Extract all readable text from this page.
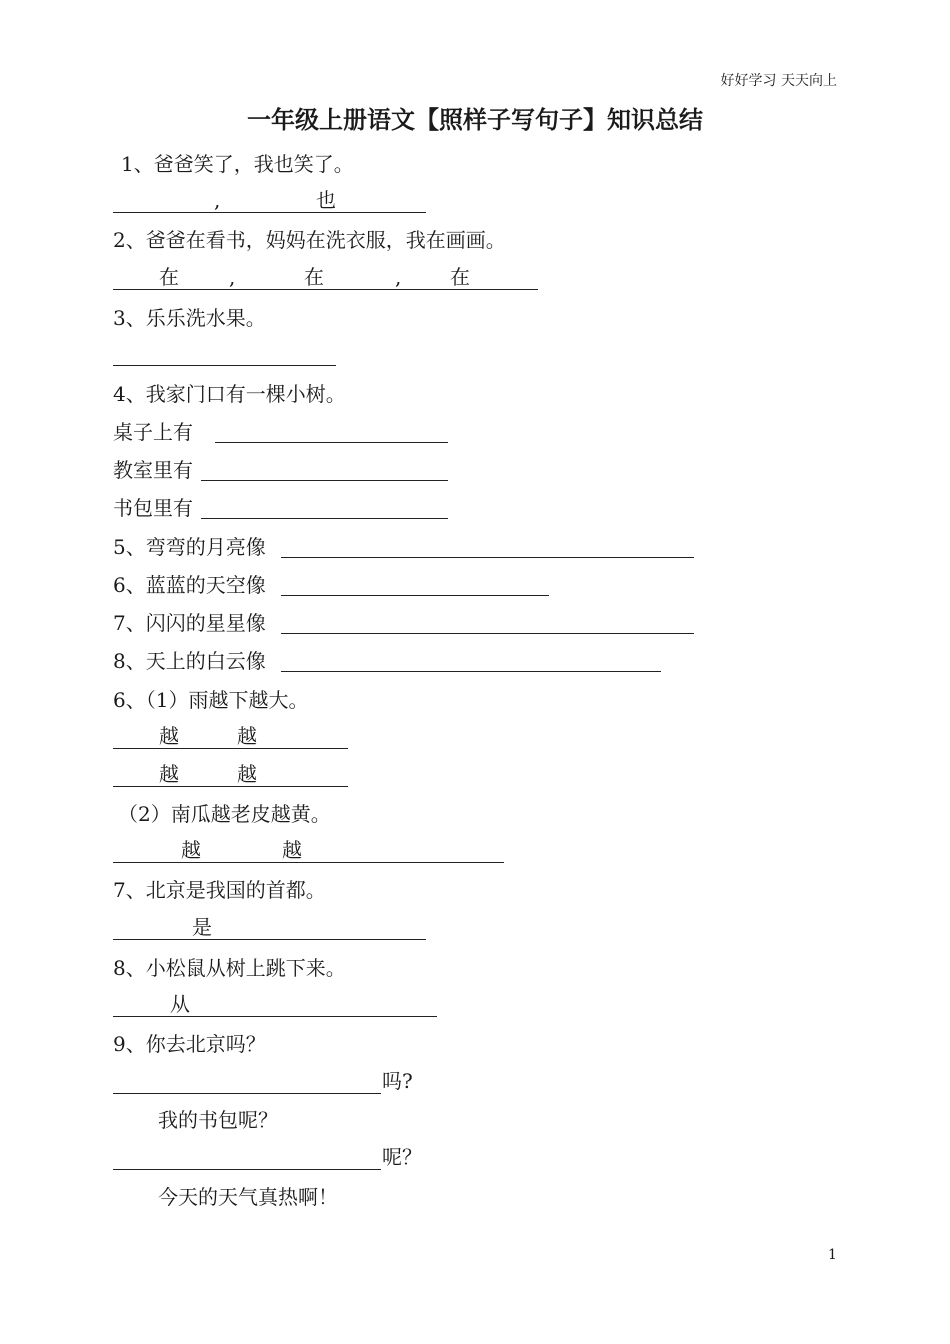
好好学习 天天向上
一年级上册语文【照样子写句子】知识总结
1、爸爸笑了，我也笑了。
,	也
2、爸爸在看书，妈妈在洗衣服，我在画画。
在	,	在	, 在
3、乐乐洗水果。
4、我家门口有一棵小树。
桌子上有
教室里有
书包里有
5、弯弯的月亮像
6、蓝蓝的天空像
7、闪闪的星星像
8、天上的白云像
6、（1）雨越下越大。
越	越
越	越
（2）南瓜越老皮越黄。
越	越
7、北京是我国的首都。
是
8、小松鼠从树上跳下来。
从
9、你去北京吗？
吗?
我的书包呢？
呢？
今天的天气真热啊！
1
